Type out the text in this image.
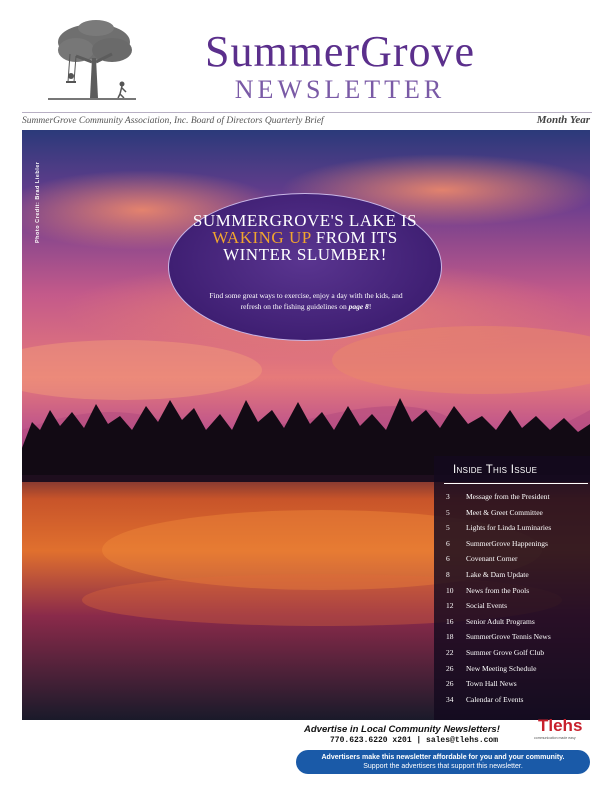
SummerGrove
NEWSLETTER
SummerGrove Community Association, Inc. Board of Directors Quarterly Brief	Month Year
Photo Credit: Brad Liebler	SUMMERGROVE'S LAKE IS WAKING UP FROM ITS WINTER SLUMBER!
Find some great ways to exercise, enjoy a day with the kids, and refresh on the fishing guidelines on page 8!
Inside This Issue
3	Message from the President
5	Meet & Greet Committee
5	Lights for Linda Luminaries
6	SummerGrove Happenings
6	Covenant Corner
8	Lake & Dam Update
10	News from the Pools
12	Social Events
16	Senior Adult Programs
18	SummerGrove Tennis News
22	Summer Grove Golf Club
26	New Meeting Schedule
26	Town Hall News
34	Calendar of Events
Advertise in Local Community Newsletters!
770.623.6220 x201 | sales@tlehs.com
Tlehs
communication made easy
Advertisers make this newsletter affordable for you and your community.
Support the advertisers that support this newsletter.
